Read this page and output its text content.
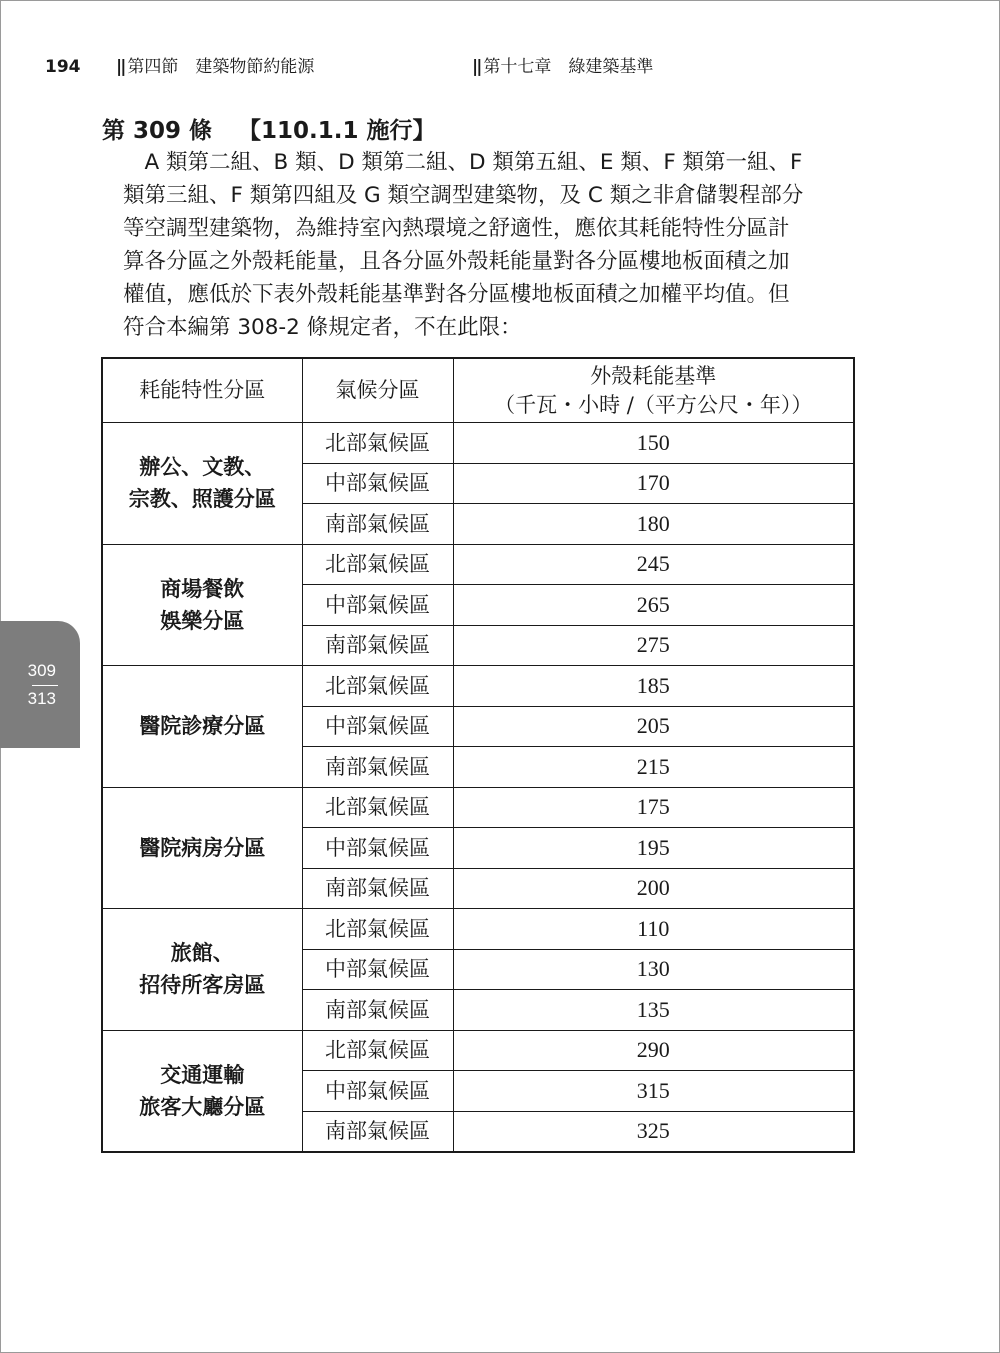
194 || 第四節　建築物節約能源	|| 第十七章　綠建築基準
第 309 條 【110.1.1 施行】

　A 類第二組、B 類、D 類第二組、D 類第五組、E 類、F 類第一組、F

類第三組、F 類第四組及 G 類空調型建築物，及 C 類之非倉儲製程部分

等空調型建築物，為維持室內熱環境之舒適性，應依其耗能特性分區計

算各分區之外殼耗能量，且各分區外殼耗能量對各分區樓地板面積之加

權值，應低於下表外殼耗能基準對各分區樓地板面積之加權平均值。但

符合本編第 308-2 條規定者，不在此限：

309
313
耗能特性分區	氣候分區	外殼耗能基準
（千瓦・小時 /（平方公尺・年））
辦公、文教、
宗教、照護分區	北部氣候區	150
	中部氣候區	170
	南部氣候區	180
商場餐飲
娛樂分區	北部氣候區	245
	中部氣候區	265
	南部氣候區	275
醫院診療分區	北部氣候區	185
	中部氣候區	205
	南部氣候區	215
醫院病房分區	北部氣候區	175
	中部氣候區	195
	南部氣候區	200
旅館、
招待所客房區	北部氣候區	110
	中部氣候區	130
	南部氣候區	135
交通運輸
旅客大廳分區	北部氣候區	290
	中部氣候區	315
	南部氣候區	325
